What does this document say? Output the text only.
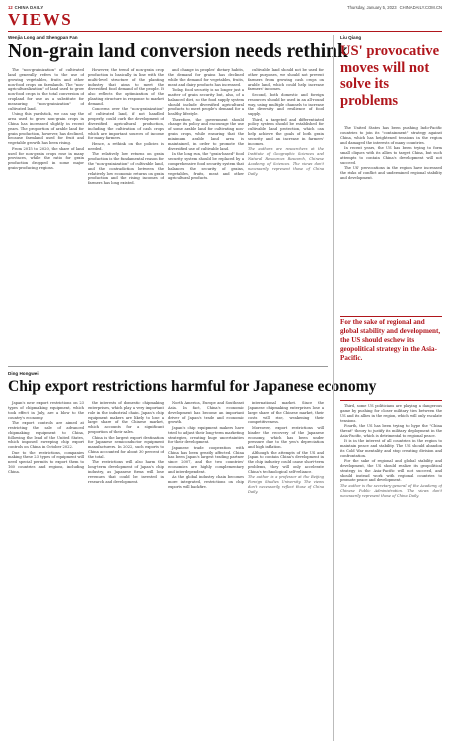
12 CHINA DAILY	Thursday, January 5, 2023 CHINADAILY.COM.CN
VIEWS
Wenjia Long and Shengpan Fan
Non-grain land conversion needs rethink

The "non-grainization" of cultivated land generally refers to the use of growing vegetables, fruits and other non-food crops on farmlands. The "non-agriculturalization" of land used to grow non-food crops is the total conversion of cropland for use as a substitute for measuring "non-grainization" of cultivated land.

Using this yardstick, we can say the area used to grow non-grain crops in China has increased slightly in recent years. The proportion of arable land for grain production, however, has declined, because farmland used for fruit and vegetable growth has been rising.

From 2015 to 2020, the share of land used for non-grain crops rose in many provinces, while the ratio for grain production dropped in some major grain-producing regions.

However, the trend of non-grain crop production is basically in line with the multi-level structure of the planting industry that aims to meet the diversified food demand of the people. It also reflects the optimization of the planting structure in response to market demand.

Concerns over the "non-grainization" of cultivated land, if not handled properly, could curb the development of diversified agricultural production, including the cultivation of cash crops which are important sources of income for many farmers.

Hence, a rethink on the policies is needed.

The relatively low returns on grain production is the fundamental reason for the "non-grainization" of cultivable land, and the contradiction between the relatively low economic returns on grain production and the rising incomes of farmers has long existed.

and change in peoples' dietary habits, the demand for grains has declined while the demand for vegetables, fruits, meat and dairy products has increased.

Today, food security is no longer just a matter of grain security but, also, of a balanced diet, so the food supply system should include diversified agricultural products to meet people's demand for a healthy lifestyle.

Therefore, the government should change its policy and encourage the use of some arable land for cultivating non-grain crops, while ensuring that the minimum arable land area is maintained, in order to promote the diversified use of cultivable land.

In the long run, the "grain-based" food security system should be replaced by a comprehensive food security system that balances the security of grains, vegetables, fruits, meat and other agricultural products.

cultivable land should not be used for other purposes, we should not prevent farmers from growing cash crops on arable land, which could help increase farmers' incomes.

Second, both domestic and foreign resources should be used in an all-round way, using multiple channels to increase the diversity and resilience of food supply.

Third, a targeted and differentiated policy system should be established for cultivable land protection, which can help achieve the goals of both grain security and an increase in farmers' incomes.

The authors are researchers at the Institute of Geographic Sciences and Natural Resources Research, Chinese Academy of Sciences. The views don't necessarily represent those of China Daily.

Ding Hongwei
Chip export restrictions harmful for Japanese economy

Japan's new export restrictions on 23 types of chipmaking equipment, which took effect in July, are a blow to the country's economy.

The export controls are aimed at restricting the sale of advanced chipmaking equipment to China, following the lead of the United States, which imposed sweeping chip export controls on China in October 2022.

Due to the restrictions, companies making these 23 types of equipment will need special permits to export them to 160 countries and regions, including China.

the interests of domestic chipmaking enterprises, which play a very important role in the industrial chain. Japan's chip equipment makers are likely to lose a large share of the Chinese market, which accounts for a significant proportion of their sales.

China is the largest export destination for Japanese semiconductor equipment manufacturers. In 2022, such exports to China accounted for about 30 percent of the total.

The restrictions will also harm the long-term development of Japan's chip industry, as Japanese firms will lose revenues that could be invested in research and development.

North America, Europe and Southeast Asia. In fact, China's economic development has become an important driver of Japan's trade and economic growth.

Japan's chip equipment makers have tried to adjust their long-term marketing strategies, creating huge uncertainties for their development.

Japanese trade cooperation with China has been greatly affected. China has been Japan's largest trading partner since 2007, and the two countries' economies are highly complementary and interdependent.

As the global industry chain becomes more integrated, restrictions on chip exports will backfire.

international market. Since the Japanese chipmaking enterprises lose a large share of the Chinese market, their costs will rise, weakening their competitiveness.

Moreover, export restrictions will hinder the recovery of the Japanese economy, which has been under pressure due to the yen's depreciation and high inflation.

Although the attempts of the US and Japan to contain China's development in the chip industry could cause short-term problems, they will only accelerate China's technological self-reliance.

The author is a professor at the Beijing Foreign Studies University. The views don't necessarily reflect those of China Daily.

Liu Qiang
US' provocative moves will not solve its problems

The United States has been pushing Indo-Pacific countries to join its "containment" strategy against China, which has heightened tensions in the region and damaged the interests of many countries.

In recent years, the US has been trying to form small cliques with its allies to target China, but such attempts to contain China's development will not succeed.

The US' provocations in the region have increased the risks of conflict and undermined regional stability and development.

For the sake of regional and global stability and development, the US should eschew its geopolitical strategy in the Asia-Pacific.

Third, some US politicians are playing a dangerous game by pushing for closer military ties between the US and its allies in the region, which will only escalate tensions.

Fourth, the US has been trying to hype the "China threat" theory to justify its military deployment in the Asia-Pacific, which is detrimental to regional peace.

It is in the interest of all countries in the region to maintain peace and stability. The US should abandon its Cold War mentality and stop creating division and confrontation.

For the sake of regional and global stability and development, the US should realize its geopolitical strategy in the Asia-Pacific will not succeed, and should instead work with regional countries to promote peace and development.

The author is the secretary-general of the Academy of Chinese Public Administration. The views don't necessarily represent those of China Daily.
